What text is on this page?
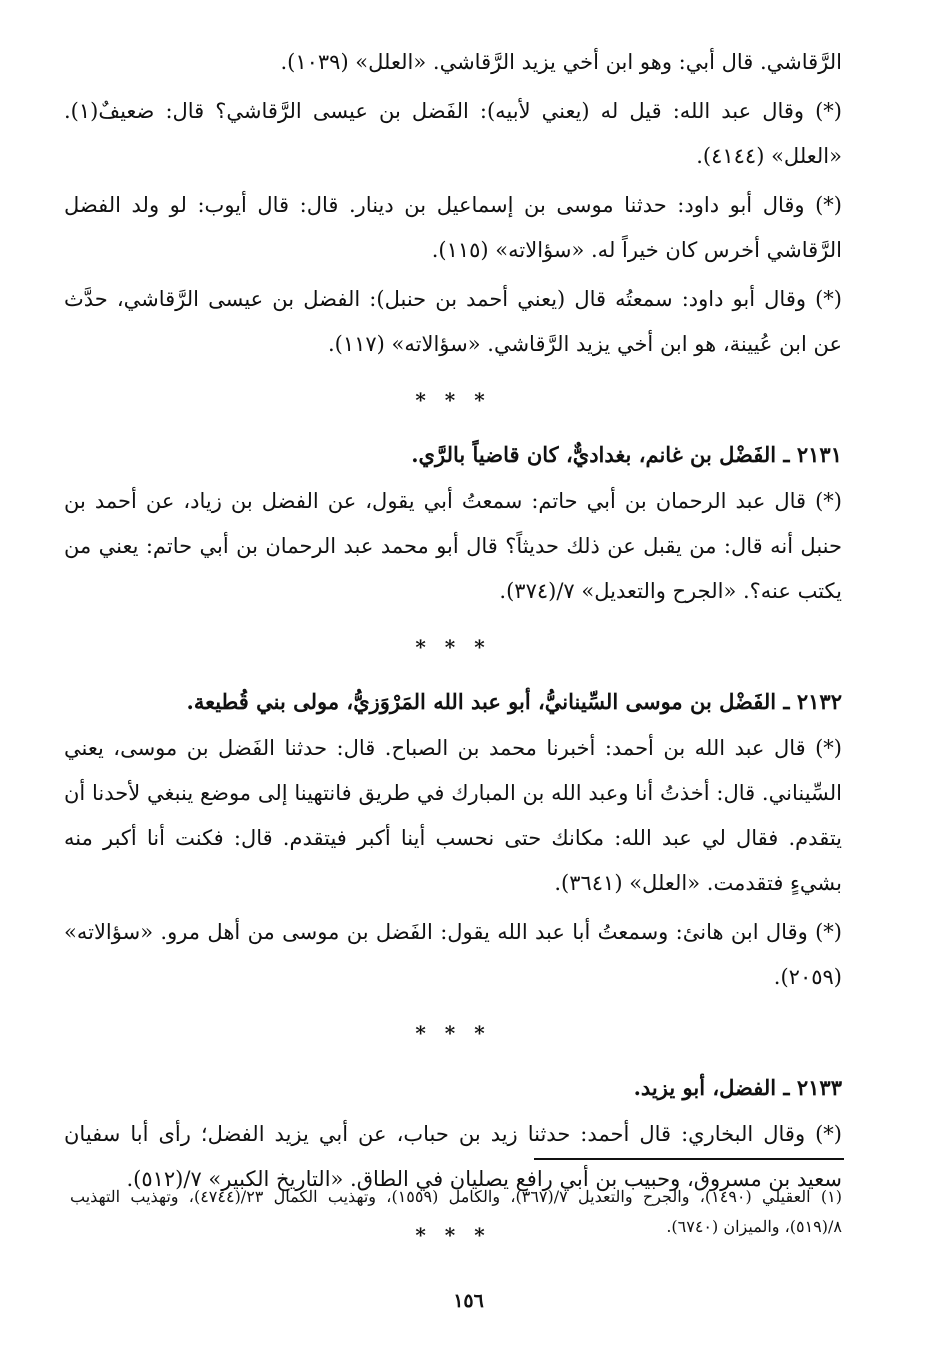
الرَّقاشي. قال أبي: وهو ابن أخي يزيد الرَّقاشي. «العلل» (١٠٣٩).

(*) وقال عبد الله: قيل له (يعني لأبيه): الفَضل بن عيسى الرَّقاشي؟ قال: ضعيفٌ(١). «العلل» (٤١٤٤).

(*) وقال أبو داود: حدثنا موسى بن إسماعيل بن دينار. قال: قال أيوب: لو ولد الفضل الرَّقاشي أخرس كان خيراً له. «سؤالاته» (١١٥).

(*) وقال أبو داود: سمعتُه قال (يعني أحمد بن حنبل): الفضل بن عيسى الرَّقاشي، حدَّث عن ابن عُيينة، هو ابن أخي يزيد الرَّقاشي. «سؤالاته» (١١٧).

* * *

٢١٣١ ـ الفَضْل بن غانم، بغداديٌّ، كان قاضياً بالرَّي.

(*) قال عبد الرحمان بن أبي حاتم: سمعتُ أبي يقول، عن الفضل بن زياد، عن أحمد بن حنبل أنه قال: من يقبل عن ذلك حديثاً؟ قال أبو محمد عبد الرحمان بن أبي حاتم: يعني من يكتب عنه؟. «الجرح والتعديل» ٧/(٣٧٤).

* * *

٢١٣٢ ـ الفَضْل بن موسى السِّينانيُّ، أبو عبد الله المَرْوَزيُّ، مولى بني قُطيعة.

(*) قال عبد الله بن أحمد: أخبرنا محمد بن الصباح. قال: حدثنا الفَضل بن موسى، يعني السِّيناني. قال: أخذتُ أنا وعبد الله بن المبارك في طريق فانتهينا إلى موضع ينبغي لأحدنا أن يتقدم. فقال لي عبد الله: مكانك حتى نحسب أينا أكبر فيتقدم. قال: فكنت أنا أكبر منه بشيءٍ فتقدمت. «العلل» (٣٦٤١).

(*) وقال ابن هانئ: وسمعتُ أبا عبد الله يقول: الفَضل بن موسى من أهل مرو. «سؤالاته» (٢٠٥٩).

* * *

٢١٣٣ ـ الفضل، أبو يزيد.

(*) وقال البخاري: قال أحمد: حدثنا زيد بن حباب، عن أبي يزيد الفضل؛ رأى أبا سفيان سعيد بن مسروق، وحبيب بن أبي رافع يصليان في الطاق. «التاريخ الكبير» ٧/(٥١٢).

* * *

(١) العقيلي (١٤٩٠)، والجرح والتعديل ٧/(٣٦٧)، والكامل (١٥٥٩)، وتهذيب الكمال ٢٣/(٤٧٤٤)، وتهذيب التهذيب ٨/(٥١٩)، والميزان (٦٧٤٠).

١٥٦
